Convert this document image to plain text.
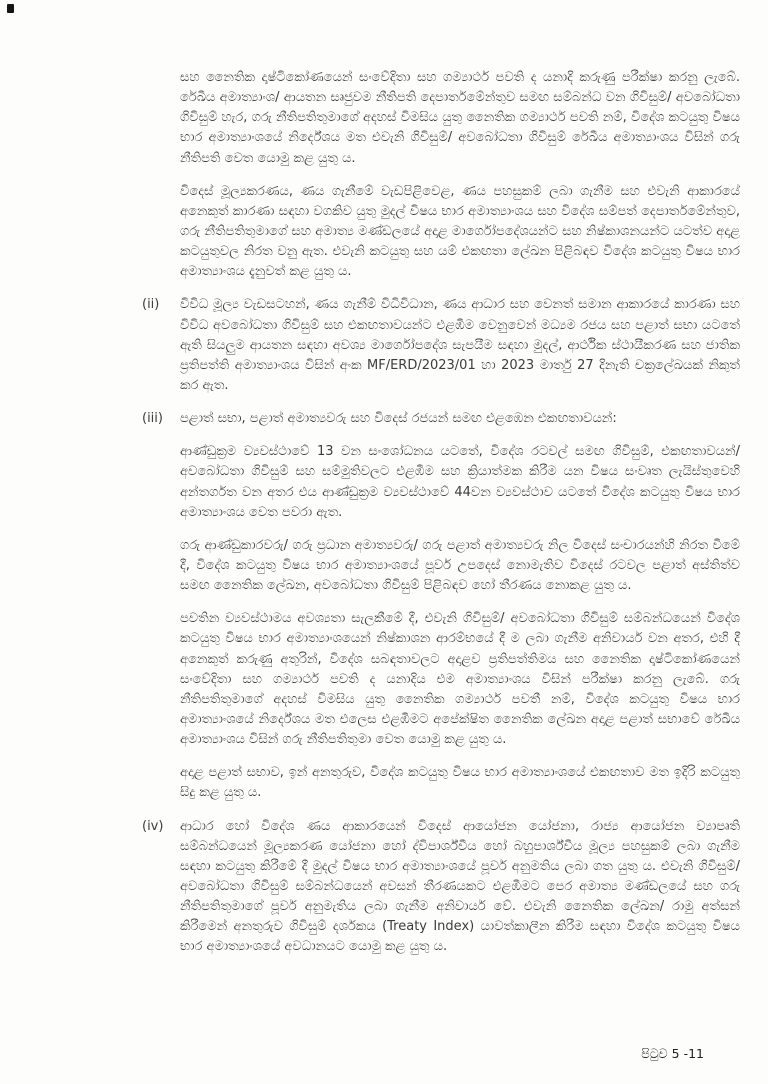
සහ නෛතික දෘෂ්ටිකෝණයෙන් සංවේදිතා සහ ගම්‍යාර්ථ පවති ද යනාදි කරුණු පරීක්ෂා කරනු ලැබේ. රේඛීය අමාත්‍යාංශ/ ආයතන සෘජුවම නීතිපති දෙපාර්තමේන්තුව සමඟ සම්බන්ධ වන ගිවිසුම්/ අවබෝධතා ගිවිසුම් හැර, ගරු නීතිපතිතුමාගේ අදහස් විමසිය යුතු නෛතික ගම්‍යාර්ථ පවති නම්, විදේශ කටයුතු විෂය භාර අමාත්‍යාංශයේ නිර්දේශය මත එවැනි ගිවිසුම්/ අවබෝධතා ගිවිසුම් රේඛීය අමාත්‍යාංශය විසින් ගරු නීතිපති වෙත යොමු කළ යුතු ය.
විදෙස් මූල්‍යකරණය, ණය ගැනීමේ වැඩපිළිවෙළ, ණය පහසුකම් ලබා ගැනීම සහ එවැනි ආකාරයේ අනෙකුත් කාරණා සඳහා වගකිව යුතු මුදල් විෂය භාර අමාත්‍යාංශය සහ විදේශ සම්පත් දෙපාර්තමේන්තුව, ගරු නීතිපතිතුමාගේ සහ අමාත්‍ය මණ්ඩලයේ අදාළ මාර්ගෝපදේශයන්ට සහ නිෂ්කාශනයන්ට යටත්ව අදාළ කටයුතුවල නිරත වනු ඇත. එවැනි කටයුතු සහ යම් එකඟතා ලේඛන පිළිබඳව විදේශ කටයුතු විෂය භාර අමාත්‍යාංශය දැනුවත් කළ යුතු ය.
(ii)	විවිධ මූල්‍ය වැඩසටහන්, ණය ගැනීම් විධිවිධාන, ණය ආධාර සහ වෙනත් සමාන ආකාරයේ කාරණා සහ විවිධ අවබෝධතා ගිවිසුම් සහ එකඟතාවයන්ට එළඹීම වෙනුවෙන් මධ්‍යම රජය සහ පළාත් සභා යටතේ ඇති සියලුම ආයතන සඳහා අවශ්‍ය මාර්ගෝපදේශ සැපයීම සඳහා මුදල්, ආර්ථික ස්ථායීකරණ සහ ජාතික ප්‍රතිපත්ති අමාත්‍යාංශය විසින් අංක MF/ERD/2023/01 හා 2023 මාර්තු 27 දිනැති චක්‍රලේඛයක් නිකුත් කර ඇත.
(iii)	පළාත් සභා, පළාත් අමාත්‍යවරු සහ විදෙස් රජයන් සමඟ එළඹෙන එකඟතාවයන්:
ආණ්ඩුක්‍රම ව්‍යවස්ථාවේ 13 වන සංශෝධනය යටතේ, විදේශ රටවල් සමඟ ගිවිසුම්, එකඟතාවයන්/ අවබෝධතා ගිවිසුම් සහ සම්මුතිවලට එළඹීම සහ ක්‍රියාත්මක කිරීම යන විෂය සංවෘත ලැයිස්තුවෙහි අන්තර්ගත වන අතර එය ආණ්ඩුක්‍රම ව්‍යවස්ථාවේ 44වන ව්‍යවස්ථාව යටතේ විදේශ කටයුතු විෂය භාර අමාත්‍යාංශය වෙත පවරා ඇත.
ගරු ආණ්ඩුකාරවරු/ ගරු ප්‍රධාන අමාත්‍යවරු/ ගරු පළාත් අමාත්‍යවරු නිල විදෙස් සංචාරයන්හි නිරත වීමේ දී, විදේශ කටයුතු විෂය භාර අමාත්‍යාංශයේ පූර්ව උපදෙස් නොමැතිව විදෙස් රටවල පළාත් අස්තිත්ව සමඟ නෛතික ලේඛන, අවබෝධතා ගිවිසුම් පිළිබඳව හෝ තීරණය නොකළ යුතු ය.
පවතින ව්‍යවස්ථාමය අවශ්‍යතා සැලකීමේ දී, එවැනි ගිවිසුම්/ අවබෝධතා ගිවිසුම් සම්බන්ධයෙන් විදේශ කටයුතු විෂය භාර අමාත්‍යාංශයෙන් නිෂ්කාශන ආරම්භයේ දී ම ලබා ගැනීම අනිවාර්ය වන අතර, එහි දී අනෙකුත් කරුණු අතුරින්, විදේශ සබඳතාවලට අදාළව ප්‍රතිපත්තිමය සහ නෛතික දෘෂ්ටිකෝණයෙන් සංවේදිතා සහ ගම්‍යාර්ථ පවති ද යනාදිය එම අමාත්‍යාංශය විසින් පරීක්ෂා කරනු ලැබේ. ගරු නීතිපතිතුමාගේ අදහස් විමසිය යුතු නෛතික ගම්‍යාර්ථ පවතී නම්, විදේශ කටයුතු විෂය භාර අමාත්‍යාංශයේ නිර්දේශය මත එලෙස එළඹීමට අපේක්ෂිත නෛතික ලේඛන අදාළ පළාත් සභාවේ රේඛීය අමාත්‍යාංශය විසින් ගරු නීතිපතිතුමා වෙත යොමු කළ යුතු ය.
අදාළ පළාත් සභාව, ඉන් අනතුරුව, විදේශ කටයුතු විෂය භාර අමාත්‍යාංශයේ එකඟතාව මත ඉදිරි කටයුතු සිදු කළ යුතු ය.
(iv)	ආධාර හෝ විදේශ ණය ආකාරයෙන් විදෙස් ආයෝජන යෝජනා, රාජ්‍ය ආයෝජන ව්‍යාපෘති සම්බන්ධයෙන් මූල්‍යකරණ යෝජනා හෝ ද්විපාර්ශ්වීය හෝ බහුපාර්ශ්වීය මූල්‍ය පහසුකම් ලබා ගැනීම සඳහා කටයුතු කිරීමේ දී මුදල් විෂය භාර අමාත්‍යාංශයේ පූර්ව අනුමතිය ලබා ගත යුතු ය. එවැනි ගිවිසුම්/ අවබෝධතා ගිවිසුම් සම්බන්ධයෙන් අවසන් තීරණයකට එළඹීමට පෙර අමාත්‍ය මණ්ඩලයේ සහ ගරු නීතිපතිතුමාගේ පූර්ව අනුමැතිය ලබා ගැනීම අනිවාර්ය වේ. එවැනි නෛතික ලේඛන/ රාමු අත්සන් කිරීමෙන් අනතුරුව ගිවිසුම් දර්ශකය (Treaty Index) යාවත්කාලීන කිරීම සඳහා විදේශ කටයුතු විෂය භාර අමාත්‍යාංශයේ අවධානයට යොමු කළ යුතු ය.
පිටුව 5 -11
